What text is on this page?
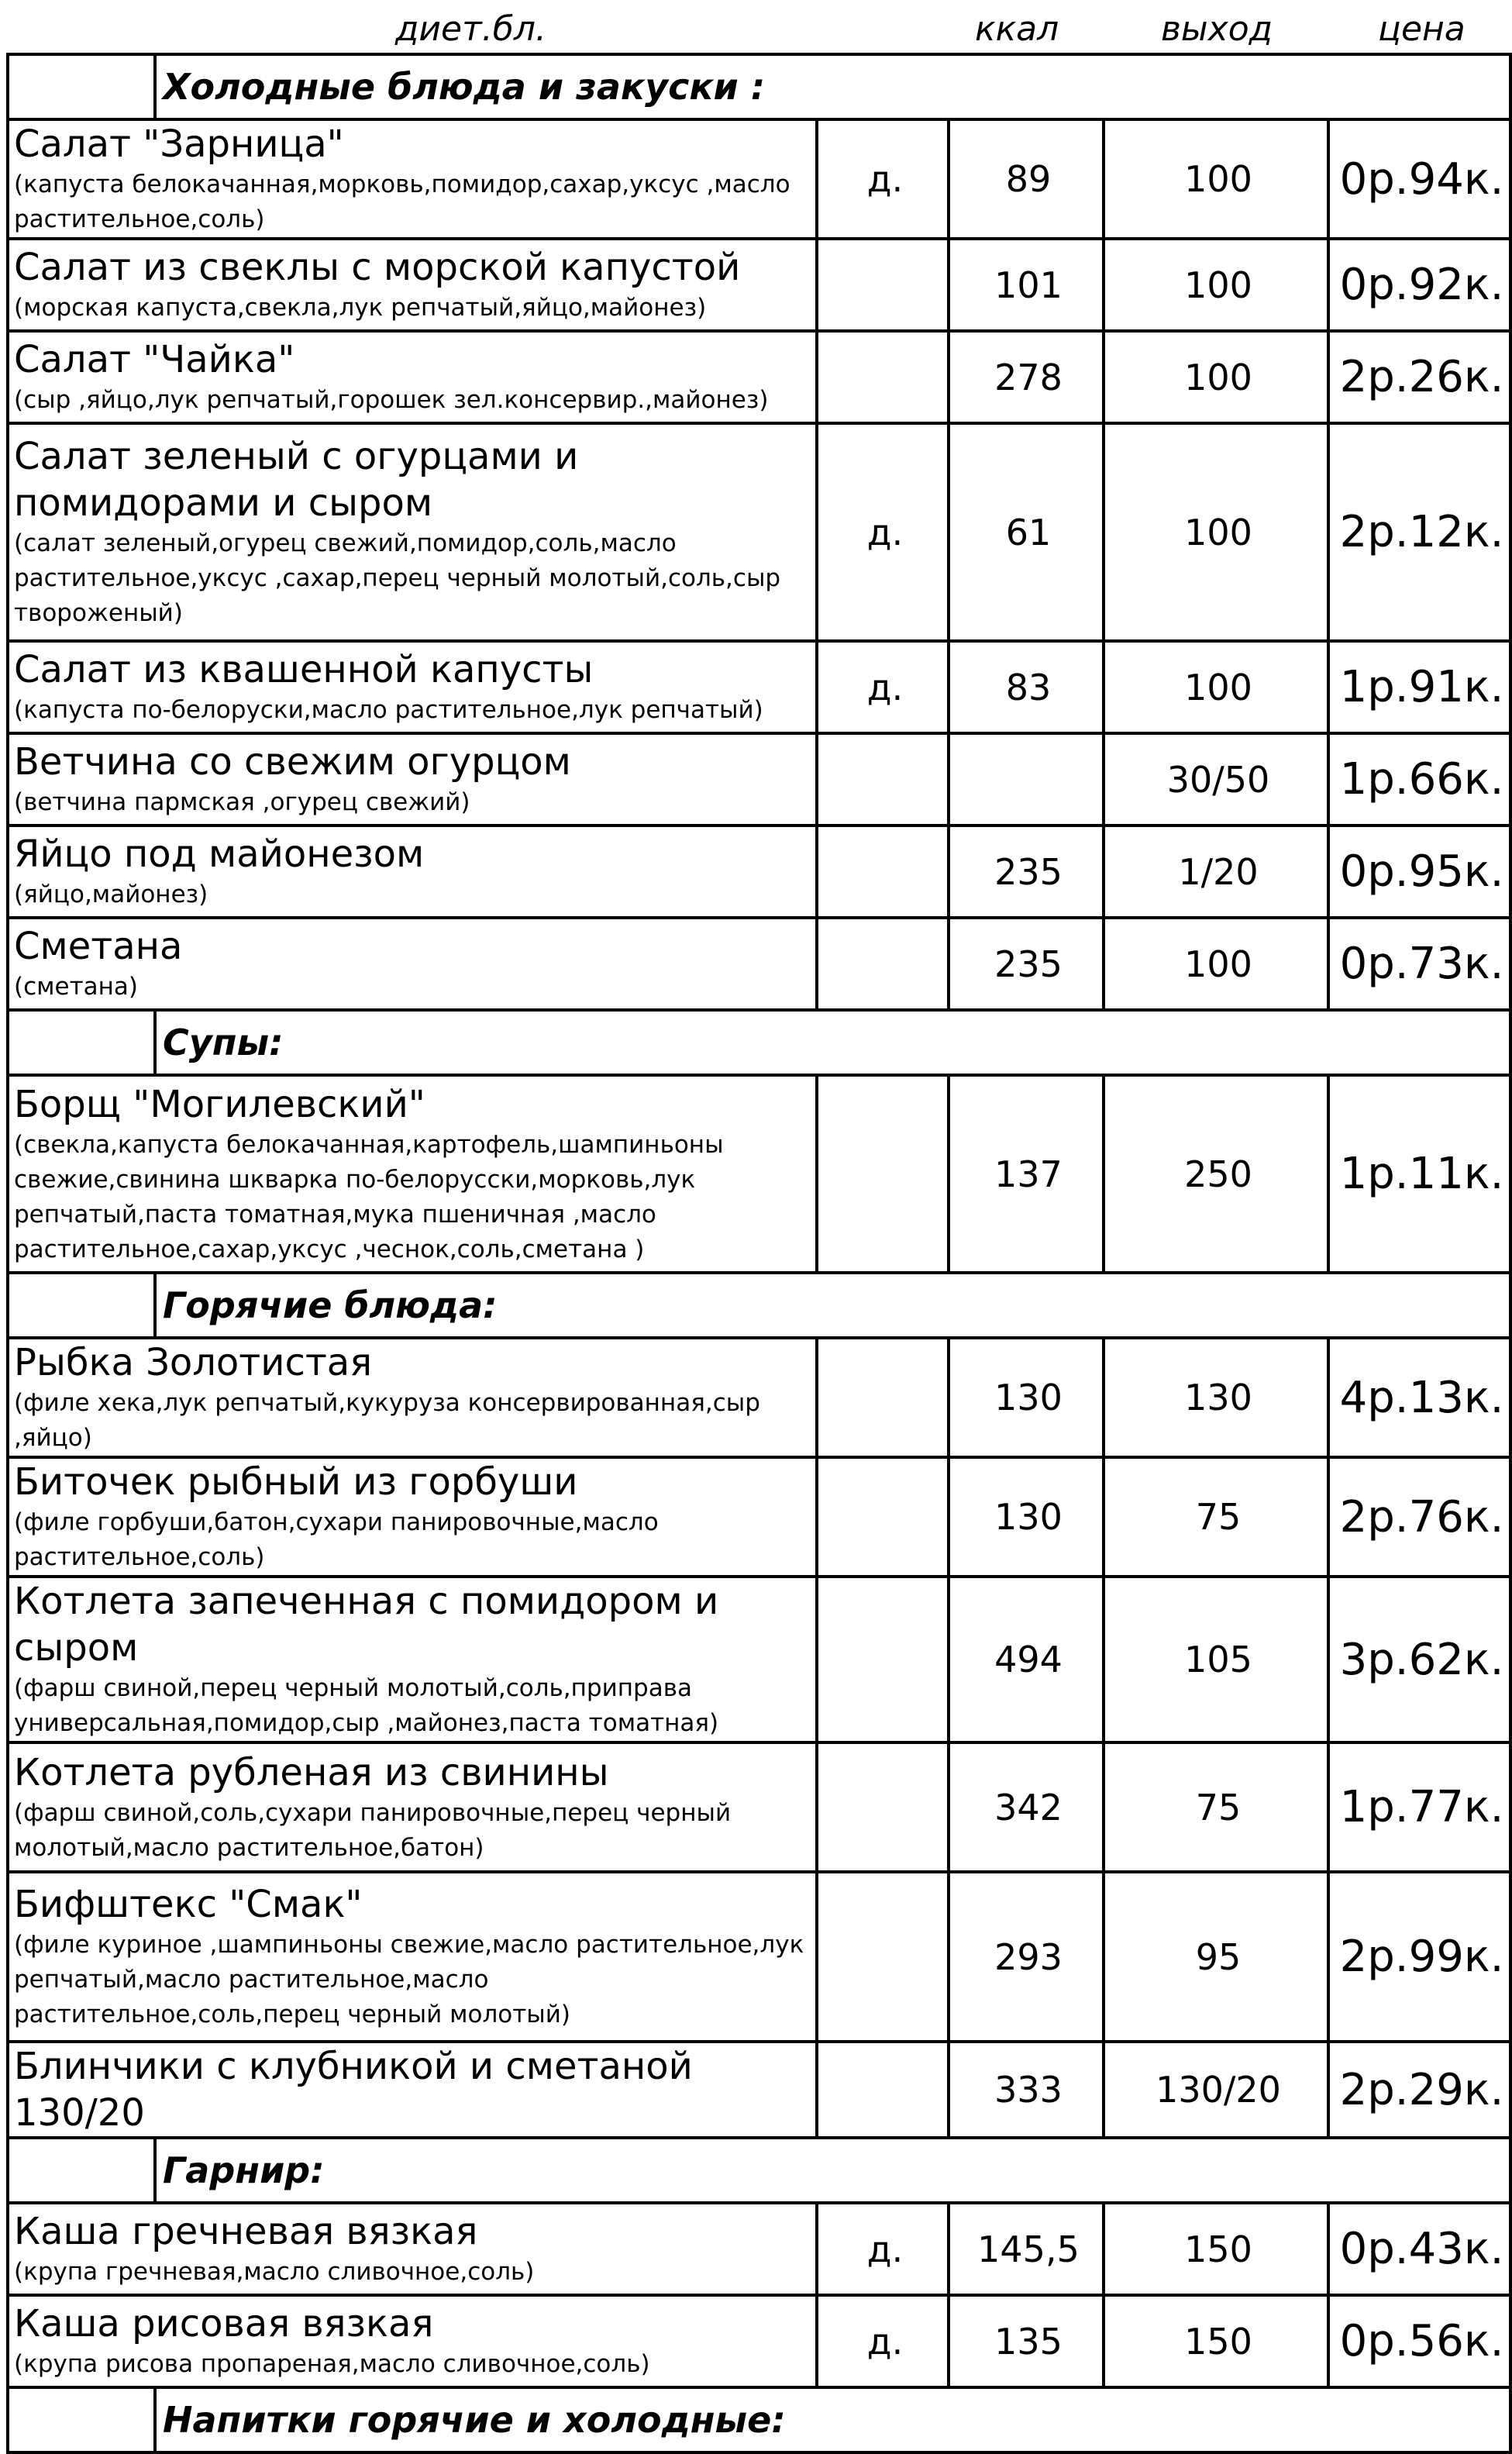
диет.бл.	ккал	выход	цена
	Холодные блюда и закуски :				

Салат "Зарница"
(капуста белокачанная,морковь,помидор,сахар,уксус ,масло растительное,соль)		д.	89	100	0р.94к.

Салат из свеклы с морской капустой
(морская капуста,свекла,лук репчатый,яйцо,майонез)			101	100	0р.92к.

Салат "Чайка"
(сыр ,яйцо,лук репчатый,горошек зел.консервир.,майонез)			278	100	2р.26к.

Салат зеленый с огурцами и помидорами и сыром
(салат зеленый,огурец свежий,помидор,соль,масло растительное,уксус ,сахар,перец черный молотый,соль,сыр твороженый)		д.	61	100	2р.12к.

Салат из квашенной капусты
(капуста по-белоруски,масло растительное,лук репчатый)		д.	83	100	1р.91к.

Ветчина со свежим огурцом
(ветчина пармская ,огурец свежий)				30/50	1р.66к.

Яйцо под майонезом
(яйцо,майонез)			235	1/20	0р.95к.

Сметана
(сметана)			235	100	0р.73к.
	Супы:				

Борщ "Могилевский"
(свекла,капуста белокачанная,картофель,шампиньоны свежие,свинина шкварка по-белорусски,морковь,лук репчатый,паста томатная,мука пшеничная ,масло растительное,сахар,уксус ,чеснок,соль,сметана )			137	250	1р.11к.
	Горячие блюда:				

Рыбка Золотистая
(филе хека,лук репчатый,кукуруза консервированная,сыр ,яйцо)			130	130	4р.13к.

Биточек рыбный из горбуши
(филе горбуши,батон,сухари панировочные,масло растительное,соль)			130	75	2р.76к.

Котлета запеченная с помидором и сыром
(фарш свиной,перец черный молотый,соль,приправа универсальная,помидор,сыр ,майонез,паста томатная)			494	105	3р.62к.

Котлета рубленая из свинины
(фарш свиной,соль,сухари панировочные,перец черный молотый,масло растительное,батон)			342	75	1р.77к.

Бифштекс "Смак"
(филе куриное ,шампиньоны свежие,масло растительное,лук репчатый,масло растительное,масло растительное,соль,перец черный молотый)			293	95	2р.99к.

Блинчики с клубникой и сметаной 130/20			333	130/20	2р.29к.
	Гарнир:				

Каша гречневая вязкая
(крупа гречневая,масло сливочное,соль)		д.	145,5	150	0р.43к.

Каша рисовая вязкая
(крупа рисова пропареная,масло сливочное,соль)		д.	135	150	0р.56к.
	Напитки горячие и холодные:				
